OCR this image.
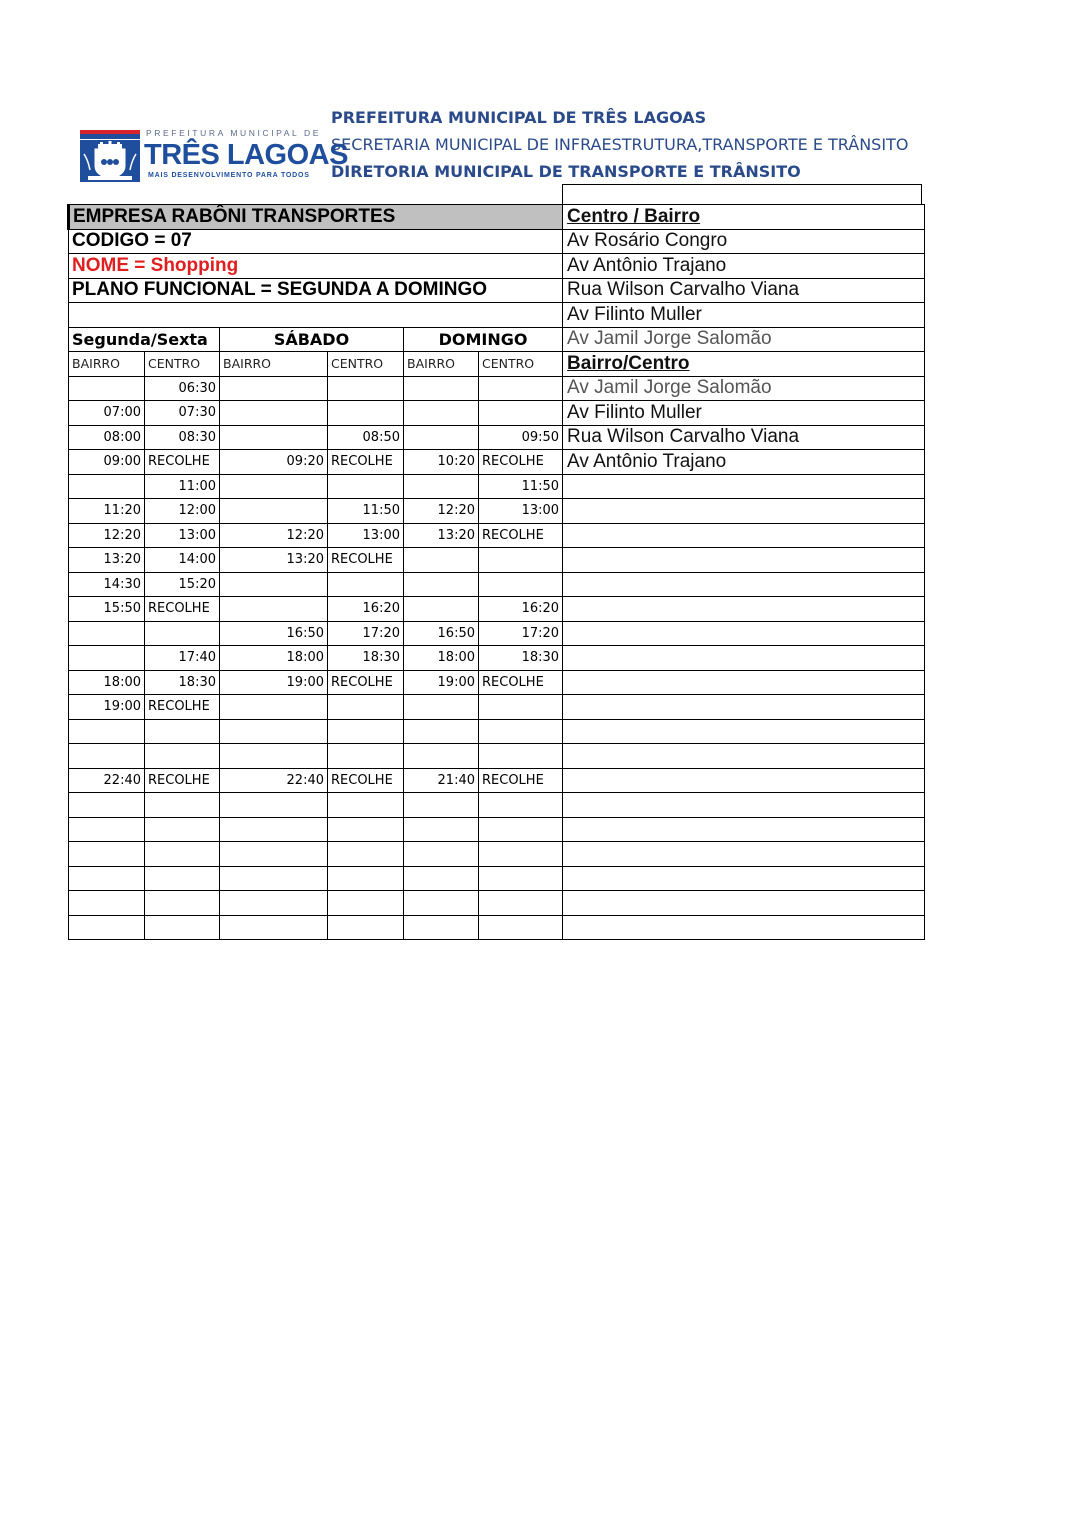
PREFEITURA MUNICIPAL DE
TRÊS LAGOAS
MAIS DESENVOLVIMENTO PARA TODOS
PREFEITURA MUNICIPAL DE TRÊS LAGOAS
SECRETARIA MUNICIPAL DE INFRAESTRUTURA,TRANSPORTE E TRÂNSITO
DIRETORIA MUNICIPAL DE TRANSPORTE E TRÂNSITO
EMPRESA RABÔNI TRANSPORTES						Centro / Bairro
CODIGO = 07						Av Rosário Congro
NOME = Shopping						Av Antônio Trajano
PLANO FUNCIONAL = SEGUNDA A DOMINGO						Rua Wilson Carvalho Viana
						Av Filinto Muller
Segunda/Sexta		SÁBADO		DOMINGO		Av Jamil Jorge Salomão
BAIRRO	CENTRO	BAIRRO	CENTRO	BAIRRO	CENTRO	Bairro/Centro
	06:30					Av Jamil Jorge Salomão
07:00	07:30					Av Filinto Muller
08:00	08:30		08:50		09:50	Rua Wilson Carvalho Viana
09:00	RECOLHE	09:20	RECOLHE	10:20	RECOLHE	Av Antônio Trajano
	11:00				11:50	
11:20	12:00		11:50	12:20	13:00	
12:20	13:00	12:20	13:00	13:20	RECOLHE	
13:20	14:00	13:20	RECOLHE			
14:30	15:20					
15:50	RECOLHE		16:20		16:20	
		16:50	17:20	16:50	17:20	
	17:40	18:00	18:30	18:00	18:30	
18:00	18:30	19:00	RECOLHE	19:00	RECOLHE	
19:00	RECOLHE					

22:40	RECOLHE	22:40	RECOLHE	21:40	RECOLHE	
